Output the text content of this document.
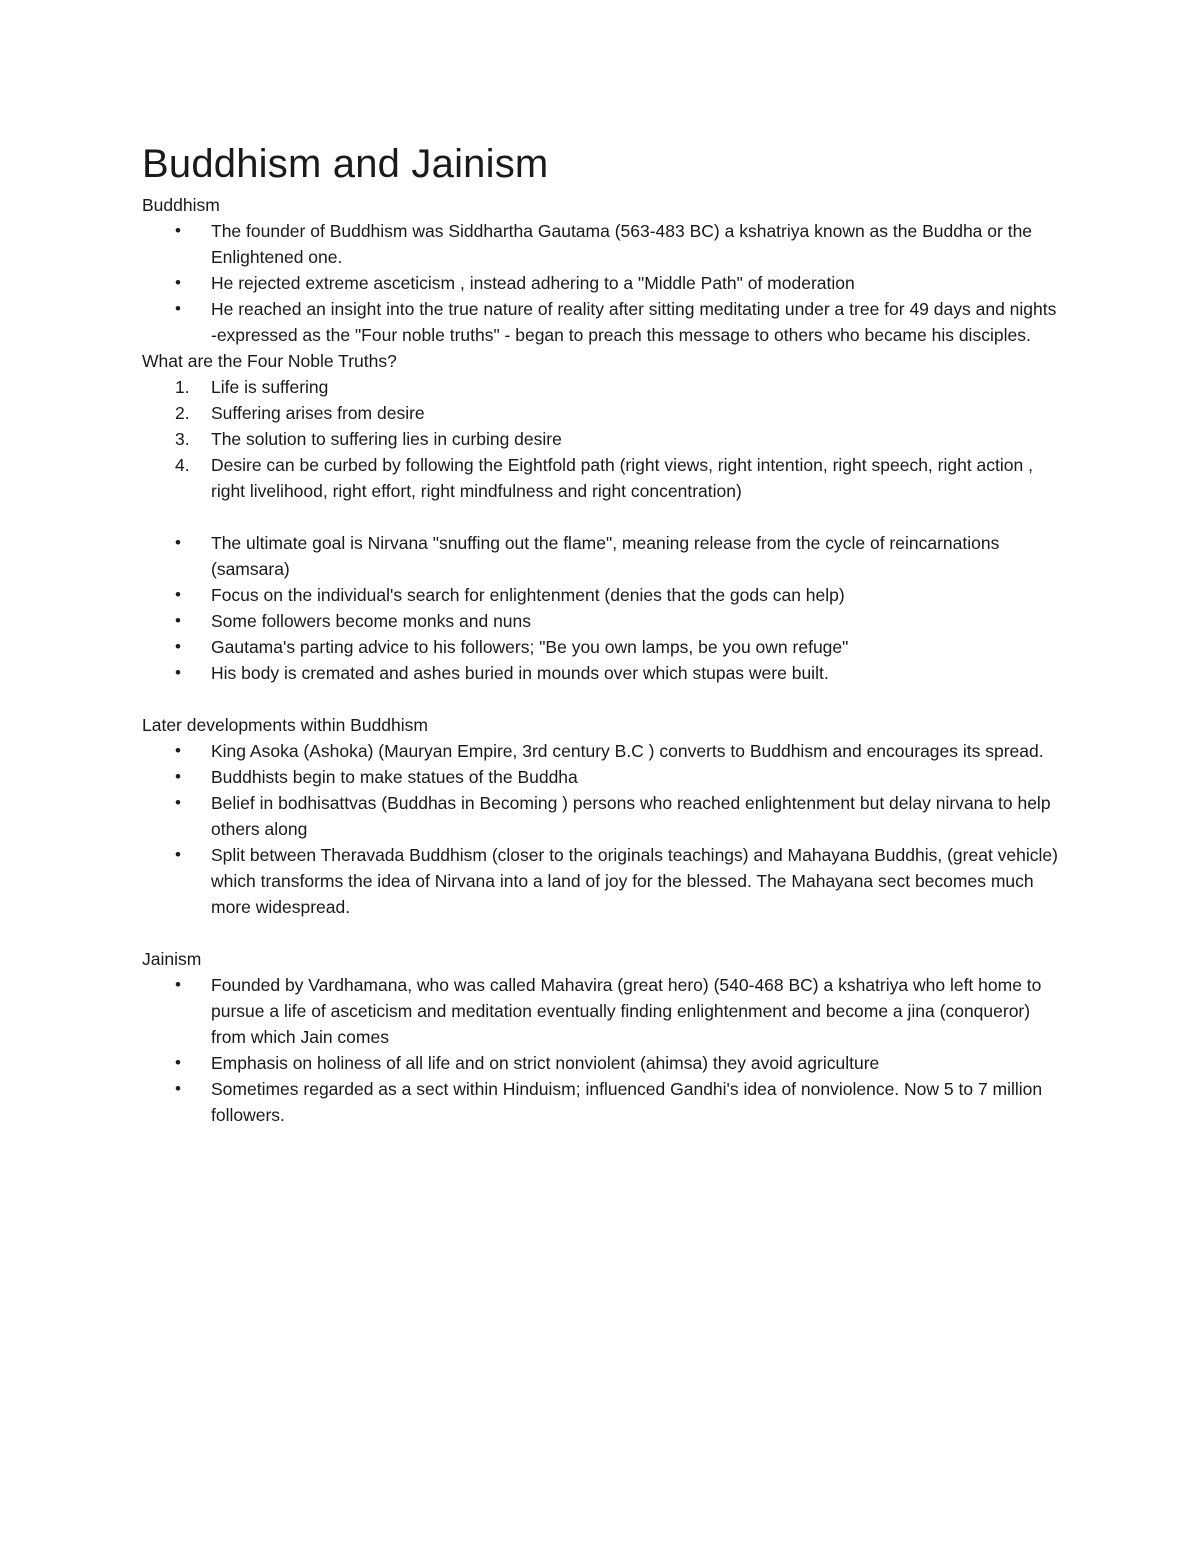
Buddhism and Jainism

Buddhism

• The founder of Buddhism was Siddhartha Gautama (563-483 BC) a kshatriya known as the Buddha or the Enlightened one.
• He rejected extreme asceticism , instead adhering to a "Middle Path" of moderation
• He reached an insight into the true nature of reality after sitting meditating under a tree for 49 days and nights -expressed as the "Four noble truths" - began to preach this message to others who became his disciples.

What are the Four Noble Truths?

1. Life is suffering
2. Suffering arises from desire
3. The solution to suffering lies in curbing desire
4. Desire can be curbed by following the Eightfold path (right views, right intention, right speech, right action , right livelihood, right effort, right mindfulness and right concentration)
• The ultimate goal is Nirvana "snuffing out the flame", meaning release from the cycle of reincarnations (samsara)
• Focus on the individual's search for enlightenment (denies that the gods can help)
• Some followers become monks and nuns
• Gautama's parting advice to his followers; "Be you own lamps, be you own refuge"
• His body is cremated and ashes buried in mounds over which stupas were built.

Later developments within Buddhism

• King Asoka (Ashoka) (Mauryan Empire, 3rd century B.C ) converts to Buddhism and encourages its spread.
• Buddhists begin to make statues of the Buddha
• Belief in bodhisattvas (Buddhas in Becoming ) persons who reached enlightenment but delay nirvana to help others along
• Split between Theravada Buddhism (closer to the originals teachings) and Mahayana Buddhis, (great vehicle) which transforms the idea of Nirvana into a land of joy for the blessed. The Mahayana sect becomes much more widespread.

Jainism

• Founded by Vardhamana, who was called Mahavira (great hero) (540-468 BC) a kshatriya who left home to pursue a life of asceticism and meditation eventually finding enlightenment and become a jina (conqueror) from which Jain comes
• Emphasis on holiness of all life and on strict nonviolent (ahimsa) they avoid agriculture
• Sometimes regarded as a sect within Hinduism; influenced Gandhi's idea of nonviolence. Now 5 to 7 million followers.
